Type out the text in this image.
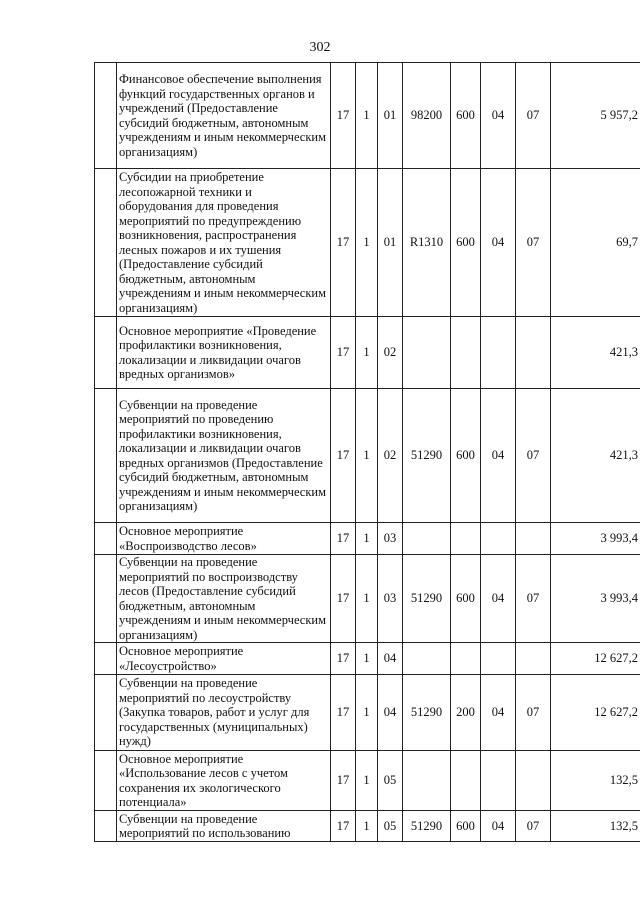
302
	Финансовое обеспечение выполнения функций государственных органов и учреждений (Предоставление субсидий бюджетным, автономным учреждениям и иным некоммерческим организациям)	17	1	01	98200	600	04	07	5 957,2
	Субсидии на приобретение лесопожарной техники и оборудования для проведения мероприятий по предупреждению возникновения, распространения лесных пожаров и их тушения (Предоставление субсидий бюджетным, автономным учреждениям и иным некоммерческим организациям)	17	1	01	R1310	600	04	07	69,7
	Основное мероприятие «Проведение профилактики возникновения, локализации и ликвидации очагов вредных организмов»	17	1	02					421,3
	Субвенции на проведение мероприятий по проведению профилактики возникновения, локализации и ликвидации очагов вредных организмов (Предоставление субсидий бюджетным, автономным учреждениям и иным некоммерческим организациям)	17	1	02	51290	600	04	07	421,3
	Основное мероприятие «Воспроизводство лесов»	17	1	03					3 993,4
	Субвенции на проведение мероприятий по воспроизводству лесов (Предоставление субсидий бюджетным, автономным учреждениям и иным некоммерческим организациям)	17	1	03	51290	600	04	07	3 993,4
	Основное мероприятие «Лесоустройство»	17	1	04					12 627,2
	Субвенции на проведение мероприятий по лесоустройству (Закупка товаров, работ и услуг для государственных (муниципальных) нужд)	17	1	04	51290	200	04	07	12 627,2
	Основное мероприятие «Использование лесов с учетом сохранения их экологического потенциала»	17	1	05					132,5
	Субвенции на проведение мероприятий по использованию	17	1	05	51290	600	04	07	132,5
